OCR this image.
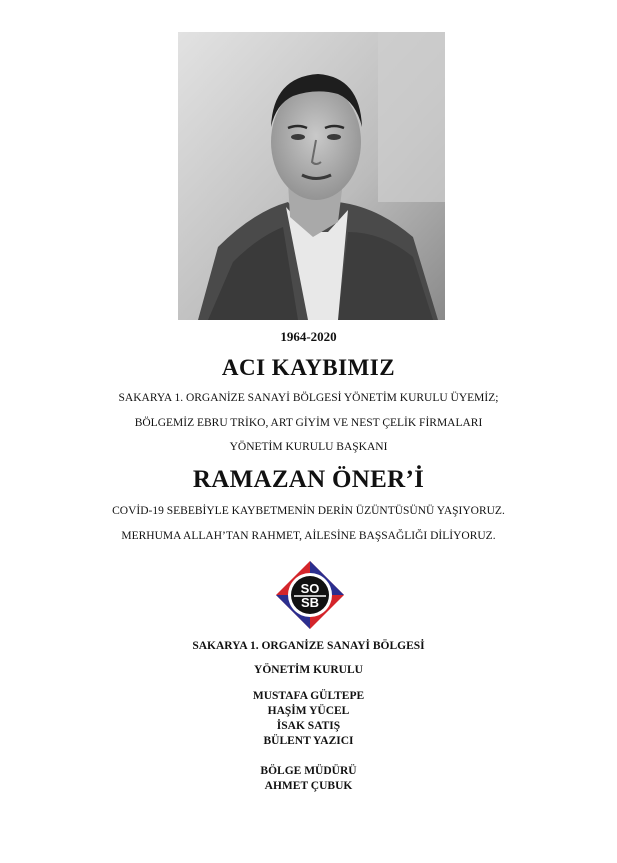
1964-2020
ACI KAYBIMIZ
SAKARYA 1. ORGANİZE SANAYİ BÖLGESİ YÖNETİM KURULU ÜYEMİZ;
BÖLGEMİZ EBRU TRİKO, ART GİYİM VE NEST ÇELİK FİRMALARI
YÖNETİM KURULU BAŞKANI
RAMAZAN ÖNER’İ
COVİD-19 SEBEBİYLE KAYBETMENİN DERİN ÜZÜNTÜSÜNÜ YAŞIYORUZ.
MERHUMA ALLAH’TAN RAHMET, AİLESİNE BAŞSAĞLIĞI DİLİYORUZ.
SO
SB
SAKARYA 1. ORGANİZE SANAYİ BÖLGESİ
YÖNETİM KURULU
MUSTAFA GÜLTEPE
HAŞİM YÜCEL
İSAK SATIŞ
BÜLENT YAZICI
BÖLGE MÜDÜRÜ
AHMET ÇUBUK
